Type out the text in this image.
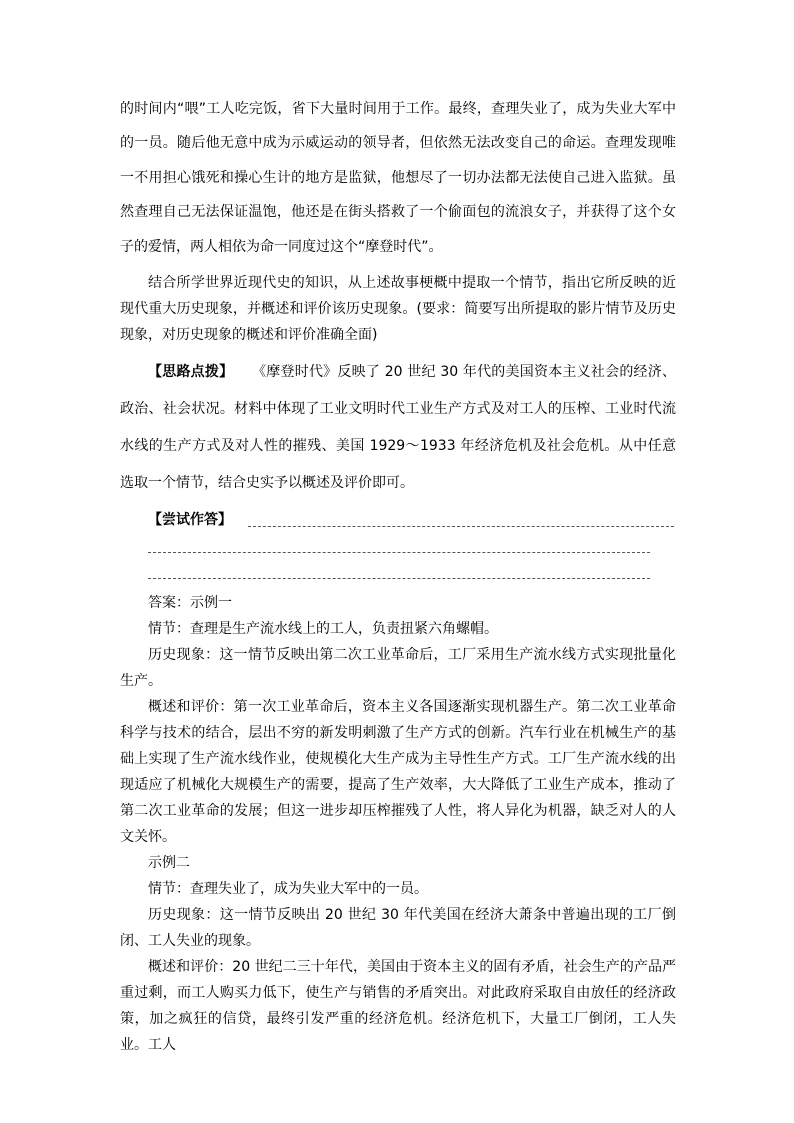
的时间内“喂”工人吃完饭，省下大量时间用于工作。最终，查理失业了，成为失业大军中的一员。随后他无意中成为示威运动的领导者，但依然无法改变自己的命运。查理发现唯一不用担心饿死和操心生计的地方是监狱，他想尽了一切办法都无法使自己进入监狱。虽然查理自己无法保证温饱，他还是在街头搭救了一个偷面包的流浪女子，并获得了这个女子的爱情，两人相依为命一同度过这个“摩登时代”。

结合所学世界近现代史的知识，从上述故事梗概中提取一个情节，指出它所反映的近现代重大历史现象，并概述和评价该历史现象。(要求：简要写出所提取的影片情节及历史现象，对历史现象的概述和评价准确全面)

【思路点拨】 《摩登时代》反映了 20 世纪 30 年代的美国资本主义社会的经济、政治、社会状况。材料中体现了工业文明时代工业生产方式及对工人的压榨、工业时代流水线的生产方式及对人性的摧残、美国 1929～1933 年经济危机及社会危机。从中任意选取一个情节，结合史实予以概述及评价即可。

【尝试作答】

答案：示例一

情节：查理是生产流水线上的工人，负责扭紧六角螺帽。

历史现象：这一情节反映出第二次工业革命后，工厂采用生产流水线方式实现批量化生产。

概述和评价：第一次工业革命后，资本主义各国逐渐实现机器生产。第二次工业革命科学与技术的结合，层出不穷的新发明刺激了生产方式的创新。汽车行业在机械生产的基础上实现了生产流水线作业，使规模化大生产成为主导性生产方式。工厂生产流水线的出现适应了机械化大规模生产的需要，提高了生产效率，大大降低了工业生产成本，推动了第二次工业革命的发展；但这一进步却压榨摧残了人性，将人异化为机器，缺乏对人的人文关怀。

示例二

情节：查理失业了，成为失业大军中的一员。

历史现象：这一情节反映出 20 世纪 30 年代美国在经济大萧条中普遍出现的工厂倒闭、工人失业的现象。

概述和评价：20 世纪二三十年代，美国由于资本主义的固有矛盾，社会生产的产品严重过剩，而工人购买力低下，使生产与销售的矛盾突出。对此政府采取自由放任的经济政策，加之疯狂的信贷，最终引发严重的经济危机。经济危机下，大量工厂倒闭，工人失业。工人
